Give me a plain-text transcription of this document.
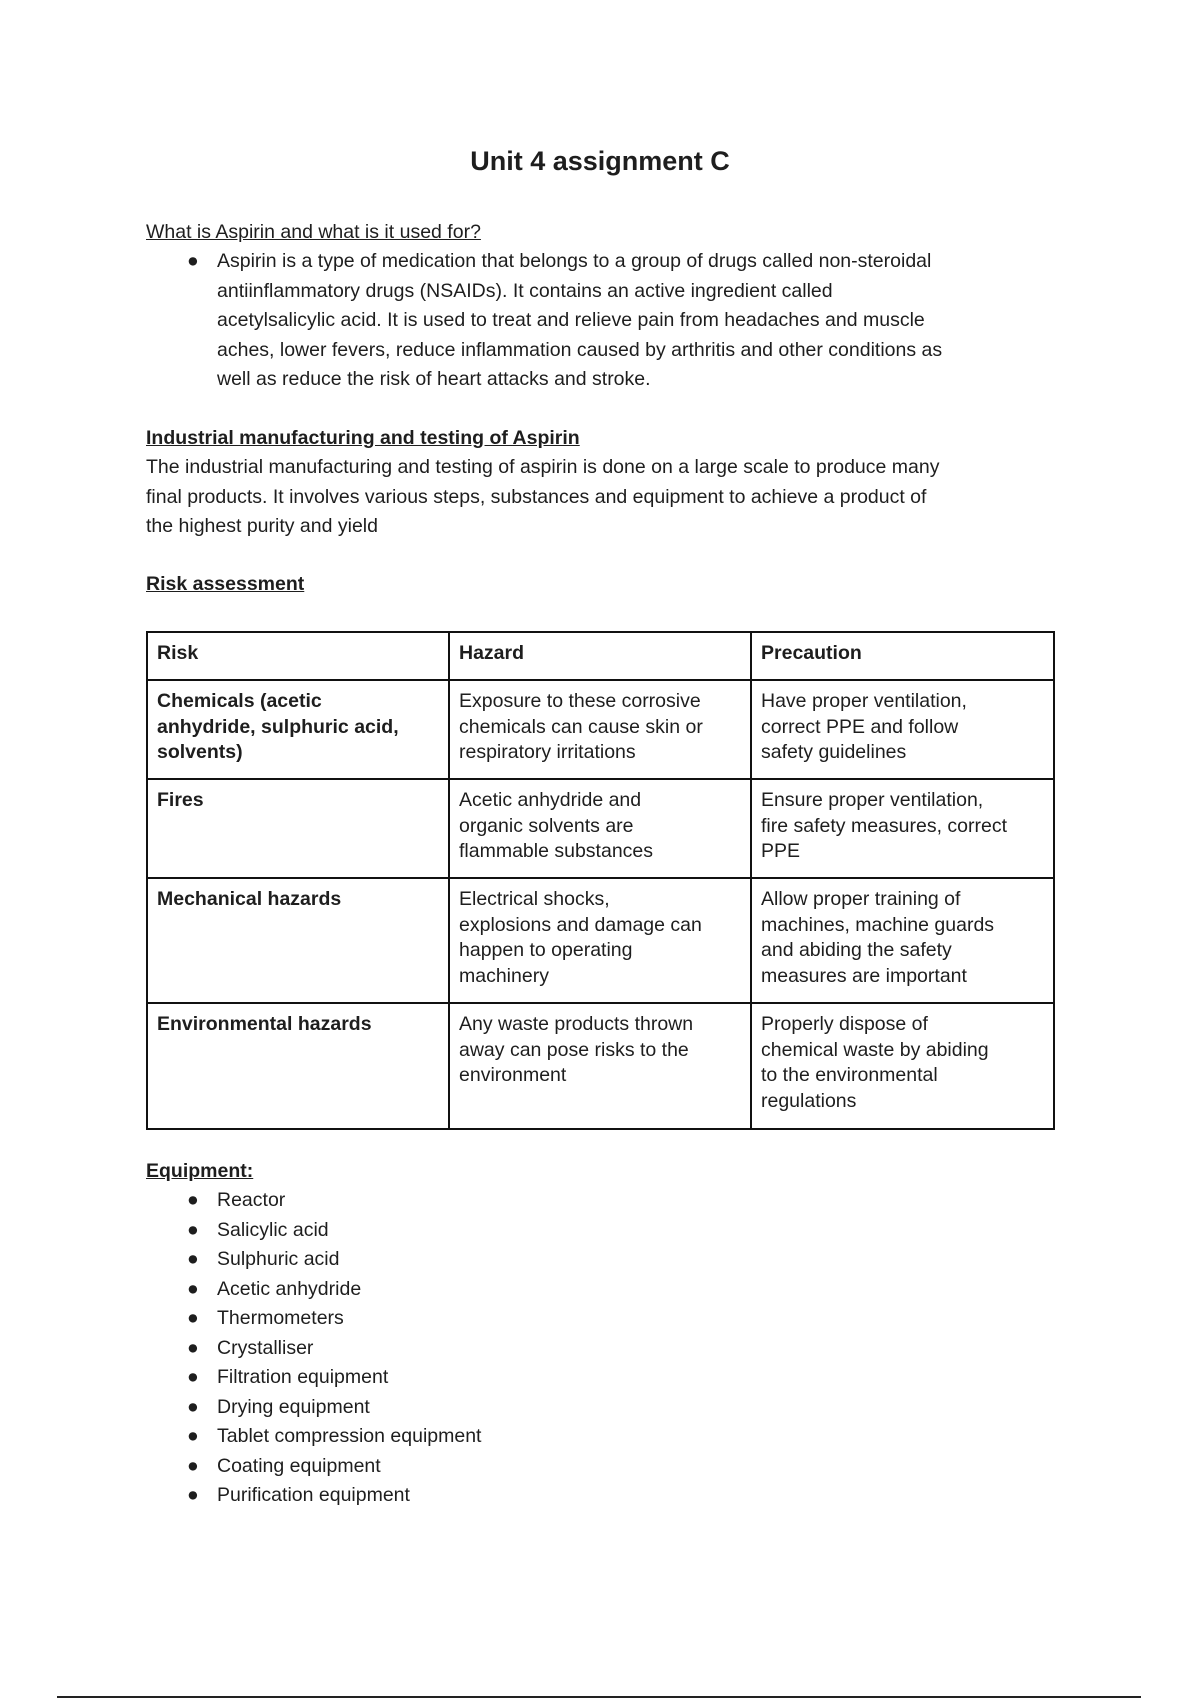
Unit 4 assignment C
What is Aspirin and what is it used for?
● Aspirin is a type of medication that belongs to a group of drugs called non-steroidal
antiinflammatory drugs (NSAIDs). It contains an active ingredient called
acetylsalicylic acid. It is used to treat and relieve pain from headaches and muscle
aches, lower fevers, reduce inflammation caused by arthritis and other conditions as
well as reduce the risk of heart attacks and stroke.
Industrial manufacturing and testing of Aspirin
The industrial manufacturing and testing of aspirin is done on a large scale to produce many
final products. It involves various steps, substances and equipment to achieve a product of
the highest purity and yield
Risk assessment
Risk	Hazard	Precaution
Chemicals (acetic
anhydride, sulphuric acid,
solvents)	Exposure to these corrosive
chemicals can cause skin or
respiratory irritations	Have proper ventilation,
correct PPE and follow
safety guidelines
Fires	Acetic anhydride and
organic solvents are
flammable substances	Ensure proper ventilation,
fire safety measures, correct
PPE
Mechanical hazards	Electrical shocks,
explosions and damage can
happen to operating
machinery	Allow proper training of
machines, machine guards
and abiding the safety
measures are important
Environmental hazards	Any waste products thrown
away can pose risks to the
environment	Properly dispose of
chemical waste by abiding
to the environmental
regulations
Equipment:
● Reactor
● Salicylic acid
● Sulphuric acid
● Acetic anhydride
● Thermometers
● Crystalliser
● Filtration equipment
● Drying equipment
● Tablet compression equipment
● Coating equipment
● Purification equipment
